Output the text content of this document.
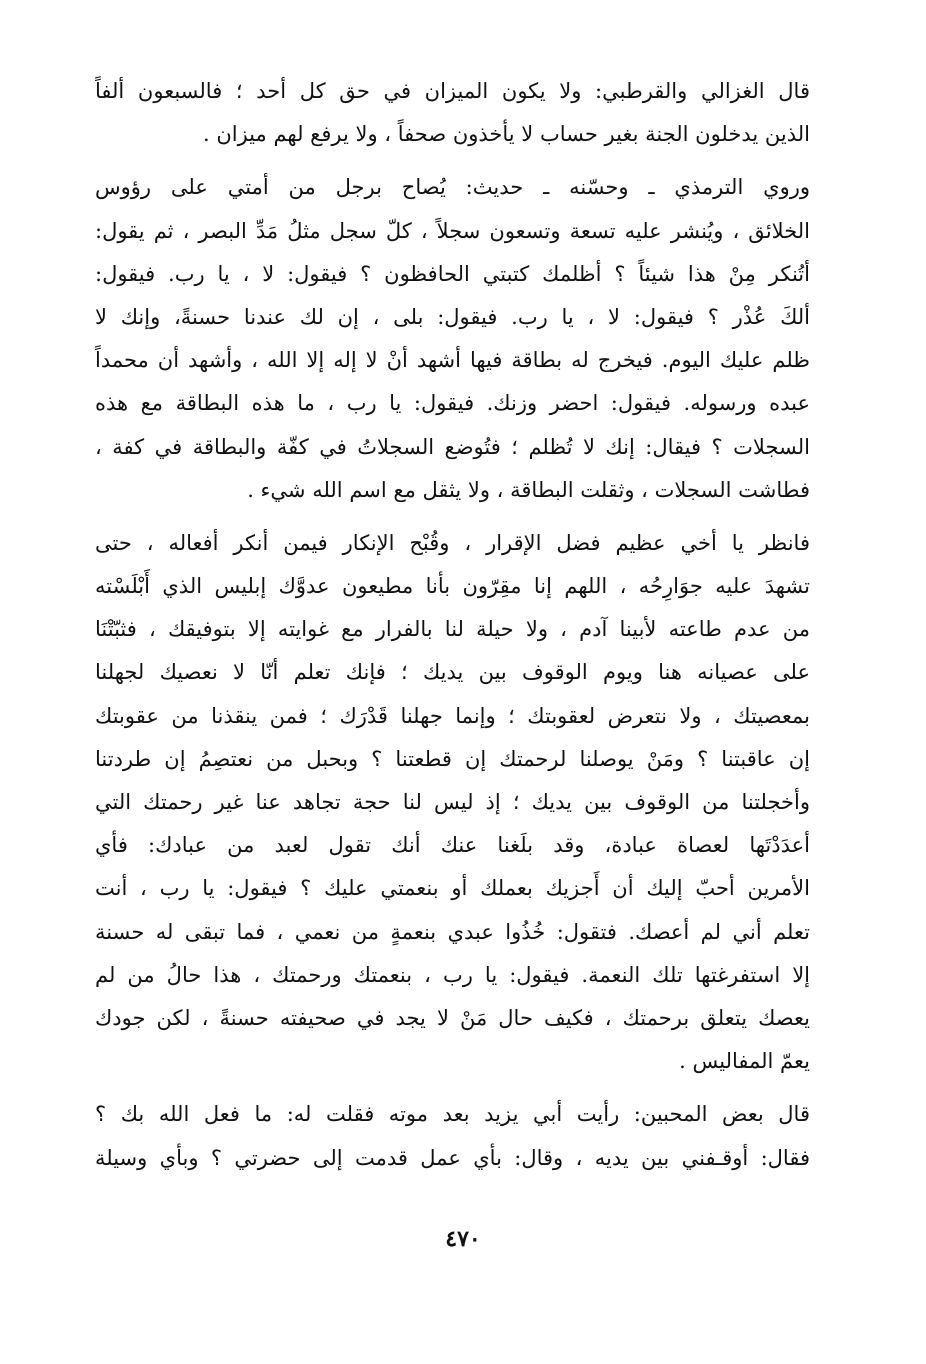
قال الغزالي والقرطبي: ولا يكون الميزان في حق كل أحد ؛ فالسبعون ألفاً
الذين يدخلون الجنة بغير حساب لا يأخذون صحفاً ، ولا يرفع لهم ميزان .
وروي الترمذي ـ وحسّنه ـ حديث: يُصاح برجل من أمتي على رؤوس
الخلائق ، ويُنشر عليه تسعة وتسعون سجلاً ، كلّ سجل مثلُ مَدِّ البصر ، ثم يقول:
أتُنكر مِنْ هذا شيئاً ؟ أظلمك كتبتي الحافظون ؟ فيقول: لا ، يا رب. فيقول:
ألكَ عُذْر ؟ فيقول: لا ، يا رب. فيقول: بلى ، إن لك عندنا حسنةً، وإنك لا
ظلم عليك اليوم. فيخرج له بطاقة فيها أشهد أنْ لا إله إلا الله ، وأشهد أن محمداً
عبده ورسوله. فيقول: احضر وزنك. فيقول: يا رب ، ما هذه البطاقة مع هذه
السجلات ؟ فيقال: إنك لا تُظلم ؛ فتُوضع السجلاتُ في كفّة والبطاقة في كفة ،
فطاشت السجلات ، وثقلت البطاقة ، ولا يثقل مع اسم الله شيء .
فانظر يا أخي عظيم فضل الإقرار ، وقُبْح الإنكار فيمن أنكر أفعاله ، حتى
تشهدَ عليه جوَارِحُه ، اللهم إنا مقِرّون بأنا مطيعون عدوَّك إبليس الذي أَبْلَسْته
من عدم طاعته لأبينا آدم ، ولا حيلة لنا بالفرار مع غوايته إلا بتوفيقك ، فثبّتْنَا
على عصيانه هنا ويوم الوقوف بين يديك ؛ فإنك تعلم أنّا لا نعصيك لجهلنا
بمعصيتك ، ولا نتعرض لعقوبتك ؛ وإنما جهلنا قَدْرَك ؛ فمن ينقذنا من عقوبتك
إن عاقبتنا ؟ ومَنْ يوصلنا لرحمتك إن قطعتنا ؟ وبحبل من نعتصِمُ إن طردتنا
وأخجلتنا من الوقوف بين يديك ؛ إذ ليس لنا حجة تجاهد عنا غير رحمتك التي
أعدَدْتَها لعصاة عبادة، وقد بلَغنا عنك أنك تقول لعبد من عبادك: فأي
الأمرين أحبّ إليك أن أَجزيك بعملك أو بنعمتي عليك ؟ فيقول: يا رب ، أنت
تعلم أني لم أعصك. فتقول: خُذُوا عبدي بنعمةٍ من نعمي ، فما تبقى له حسنة
إلا استفرغتها تلك النعمة. فيقول: يا رب ، بنعمتك ورحمتك ، هذا حالُ من لم
يعصك يتعلق برحمتك ، فكيف حال مَنْ لا يجد في صحيفته حسنةً ، لكن جودك
يعمّ المفاليس .
قال بعض المحبين: رأيت أبي يزيد بعد موته فقلت له: ما فعل الله بك ؟
فقال: أوقـفني بين يديه ، وقال: بأي عمل قدمت إلى حضرتي ؟ وبأي وسيلة
٤٧٠
